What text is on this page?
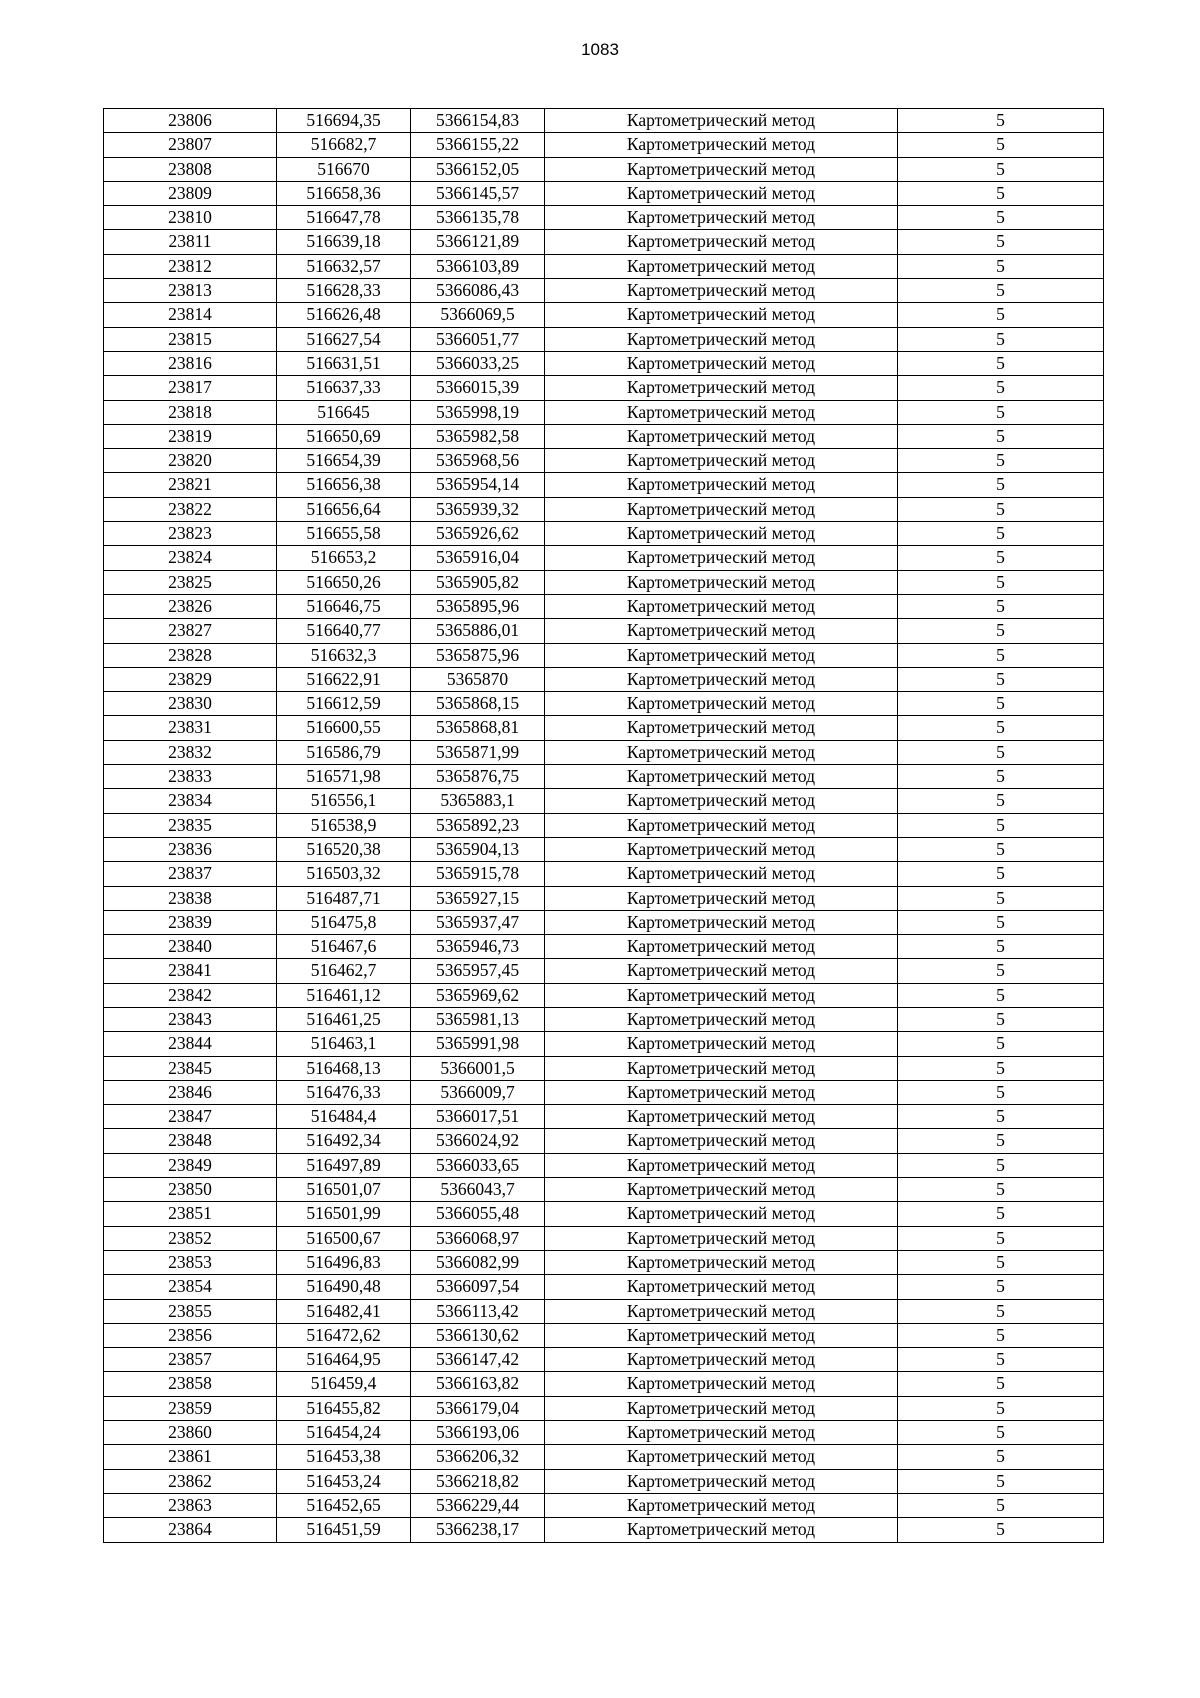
1083
23806	516694,35	5366154,83	Картометрический метод	5
23807	516682,7	5366155,22	Картометрический метод	5
23808	516670	5366152,05	Картометрический метод	5
23809	516658,36	5366145,57	Картометрический метод	5
23810	516647,78	5366135,78	Картометрический метод	5
23811	516639,18	5366121,89	Картометрический метод	5
23812	516632,57	5366103,89	Картометрический метод	5
23813	516628,33	5366086,43	Картометрический метод	5
23814	516626,48	5366069,5	Картометрический метод	5
23815	516627,54	5366051,77	Картометрический метод	5
23816	516631,51	5366033,25	Картометрический метод	5
23817	516637,33	5366015,39	Картометрический метод	5
23818	516645	5365998,19	Картометрический метод	5
23819	516650,69	5365982,58	Картометрический метод	5
23820	516654,39	5365968,56	Картометрический метод	5
23821	516656,38	5365954,14	Картометрический метод	5
23822	516656,64	5365939,32	Картометрический метод	5
23823	516655,58	5365926,62	Картометрический метод	5
23824	516653,2	5365916,04	Картометрический метод	5
23825	516650,26	5365905,82	Картометрический метод	5
23826	516646,75	5365895,96	Картометрический метод	5
23827	516640,77	5365886,01	Картометрический метод	5
23828	516632,3	5365875,96	Картометрический метод	5
23829	516622,91	5365870	Картометрический метод	5
23830	516612,59	5365868,15	Картометрический метод	5
23831	516600,55	5365868,81	Картометрический метод	5
23832	516586,79	5365871,99	Картометрический метод	5
23833	516571,98	5365876,75	Картометрический метод	5
23834	516556,1	5365883,1	Картометрический метод	5
23835	516538,9	5365892,23	Картометрический метод	5
23836	516520,38	5365904,13	Картометрический метод	5
23837	516503,32	5365915,78	Картометрический метод	5
23838	516487,71	5365927,15	Картометрический метод	5
23839	516475,8	5365937,47	Картометрический метод	5
23840	516467,6	5365946,73	Картометрический метод	5
23841	516462,7	5365957,45	Картометрический метод	5
23842	516461,12	5365969,62	Картометрический метод	5
23843	516461,25	5365981,13	Картометрический метод	5
23844	516463,1	5365991,98	Картометрический метод	5
23845	516468,13	5366001,5	Картометрический метод	5
23846	516476,33	5366009,7	Картометрический метод	5
23847	516484,4	5366017,51	Картометрический метод	5
23848	516492,34	5366024,92	Картометрический метод	5
23849	516497,89	5366033,65	Картометрический метод	5
23850	516501,07	5366043,7	Картометрический метод	5
23851	516501,99	5366055,48	Картометрический метод	5
23852	516500,67	5366068,97	Картометрический метод	5
23853	516496,83	5366082,99	Картометрический метод	5
23854	516490,48	5366097,54	Картометрический метод	5
23855	516482,41	5366113,42	Картометрический метод	5
23856	516472,62	5366130,62	Картометрический метод	5
23857	516464,95	5366147,42	Картометрический метод	5
23858	516459,4	5366163,82	Картометрический метод	5
23859	516455,82	5366179,04	Картометрический метод	5
23860	516454,24	5366193,06	Картометрический метод	5
23861	516453,38	5366206,32	Картометрический метод	5
23862	516453,24	5366218,82	Картометрический метод	5
23863	516452,65	5366229,44	Картометрический метод	5
23864	516451,59	5366238,17	Картометрический метод	5
